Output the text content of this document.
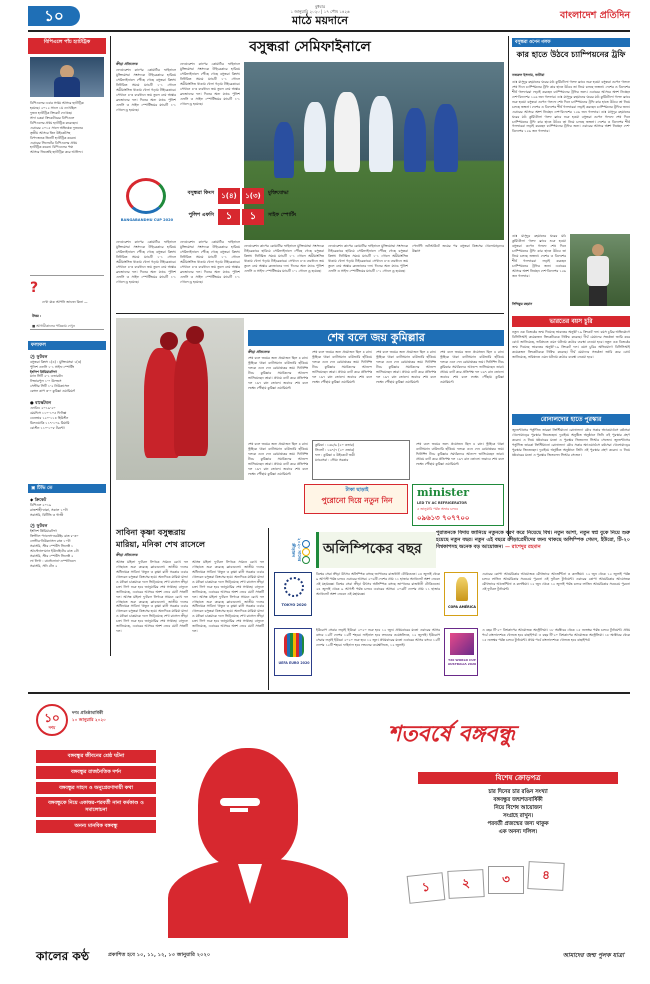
১০
বুধবার
১ জানুয়ারি ২০২০ | ১৭ পৌষ ১৪২৬
মাঠে ময়দানে	বাংলাদেশ প্রতিদিন
বিপিএলে পাঁচ হ্যাটট্রিক
বিপিএলের এবার সপ্তম আসরে হ্যাটট্রিক
হয়েছে। ২০১২ সালে ১ম দেখেছিল
দুজন হ্যাটট্রিক ক্রিকেট দেখেছে।
সাদা চকরা ক্রিকেটারের বিপিএলে
বিপিএলের প্রথম হ্যাটট্রিক করেছেন।
এবারের ২০১৫ সালে অভিষেক দুজনের
তৃতীয় আসরে তিন উইকেটসহ
বিপদজনক তিনটি হ্যাটট্রিক করেন।
এবারের সিলেটের বিপিএলের প্রথম
হ্যাটট্রিক করেন। বিপিএলের পঞ্চ
আসরে জিতেছি হ্যাটট্রিক করে আফিফ।
?
দেখা যাক আপনি জানেন কিনা —
উত্তর :
■ আগামীকালের পত্রিকায় দেখুন
ফলাফল
⚽ ফুটবল
বসুন্ধরা কিংস ১(৪) : মুক্তিযোদ্ধা ১(৩)
পুলিশ এফসি ১-১ সাইফ স্পোর্টিং
ইংলিশ প্রিমিয়ারলিগ
ম্যান সিটি ২-১ এভারটন
লিভারপুল ১-০ উলভস
সেস্টার সিটি ১-২ নিউক্যাসল
বেঙ্গল কাপ ৩-০ কুমিল্লা ওয়ারিয়র্স
● বাস্কেটবল
এনবিএ ২০১৯-২০
মেমফিস ১১০-১০৫ ফিনিক্স
ডেনভার ১২০-১১৪ হিউস্টন
মিলওয়াকি ১১৭-১০৯ মিয়ামি
বোস্টন ১১০-১০৮ টরন্টো
▣ টিভি তে
◆ ক্রিকেট
বিপিএল ২০১৯
রাজশাহী-ঢাকা, সকাল ১০টা
সরাসরি, বিটিভি ও গাজী
⚽ ফুটবল
ইংলিশ প্রিমিয়ারলিগ
ক্রিস্টাল প্যালেস-নরউইচ রাত ৮-৩০
লেস্টার-নিউক্যাসল রাত ১০টা
সরাসরি, স্টার স্পোর্টস সিলেক্ট ১
আর্সেনাল-ম্যান ইউনাইটেড রাত ২টা
সরাসরি, স্টার স্পোর্টস সিলেক্ট ২
লা লিগা : বার্সেলোনা-এস্পানিওল
সরাসরি, সনি টেন ২
বসুন্ধরা সেমিফাইনালে
ক্রীড়া প্রতিবেদক
ফেডারেশন কাপের কোয়ার্টার ফাইনালে মুক্তিযোদ্ধা সংসদকে টাইব্রেকারে হারিয়ে সেমিফাইনালে পৌঁছে গেছে বসুন্ধরা কিংস। নির্ধারিত সময়ে ম্যাচটি ১-১ গোলে অমীমাংসিত থাকায় খেলা গড়ায় টাইব্রেকারে। সেখানে ৪-৩ ব্যবধানে জয় তুলে নেয় অস্কার ব্রুজোনের দল। দিনের অন্য ম্যাচে পুলিশ এফসি ও সাইফ স্পোর্টিংয়ের ম্যাচটি ১-১ গোলে ড্র হয়েছে।
ফেডারেশন কাপের কোয়ার্টার ফাইনালে মুক্তিযোদ্ধা সংসদকে টাইব্রেকারে হারিয়ে সেমিফাইনালে পৌঁছে গেছে বসুন্ধরা কিংস। নির্ধারিত সময়ে ম্যাচটি ১-১ গোলে অমীমাংসিত থাকায় খেলা গড়ায় টাইব্রেকারে। সেখানে ৪-৩ ব্যবধানে জয় তুলে নেয় অস্কার ব্রুজোনের দল। দিনের অন্য ম্যাচে পুলিশ এফসি ও সাইফ স্পোর্টিংয়ের ম্যাচটি ১-১ গোলে ড্র হয়েছে।
BANGABANDHU CUP 2020
বসুন্ধরা কিংস	১(৪)	১(৩)	মুক্তিযোদ্ধা
পুলিশ এফসি	১	১	সাইফ স্পোর্টিং
ফেডারেশন কাপের কোয়ার্টার ফাইনালে মুক্তিযোদ্ধা সংসদকে টাইব্রেকারে হারিয়ে সেমিফাইনালে পৌঁছে গেছে বসুন্ধরা কিংস। নির্ধারিত সময়ে ম্যাচটি ১-১ গোলে অমীমাংসিত থাকায় খেলা গড়ায় টাইব্রেকারে। সেখানে ৪-৩ ব্যবধানে জয় তুলে নেয় অস্কার ব্রুজোনের দল। দিনের অন্য ম্যাচে পুলিশ এফসি ও সাইফ স্পোর্টিংয়ের ম্যাচটি ১-১ গোলে ড্র হয়েছে।
ফেডারেশন কাপের কোয়ার্টার ফাইনালে মুক্তিযোদ্ধা সংসদকে টাইব্রেকারে হারিয়ে সেমিফাইনালে পৌঁছে গেছে বসুন্ধরা কিংস। নির্ধারিত সময়ে ম্যাচটি ১-১ গোলে অমীমাংসিত থাকায় খেলা গড়ায় টাইব্রেকারে। সেখানে ৪-৩ ব্যবধানে জয় তুলে নেয় অস্কার ব্রুজোনের দল। দিনের অন্য ম্যাচে পুলিশ এফসি ও সাইফ স্পোর্টিংয়ের ম্যাচটি ১-১ গোলে ড্র হয়েছে।
ফেডারেশন কাপের কোয়ার্টার ফাইনালে মুক্তিযোদ্ধা সংসদকে টাইব্রেকারে হারিয়ে সেমিফাইনালে পৌঁছে গেছে বসুন্ধরা কিংস। নির্ধারিত সময়ে ম্যাচটি ১-১ গোলে অমীমাংসিত থাকায় খেলা গড়ায় টাইব্রেকারে। সেখানে ৪-৩ ব্যবধানে জয় তুলে নেয় অস্কার ব্রুজোনের দল। দিনের অন্য ম্যাচে পুলিশ এফসি ও সাইফ স্পোর্টিংয়ের ম্যাচটি ১-১ গোলে ড্র হয়েছে।
ফেডারেশন কাপের কোয়ার্টার ফাইনালে মুক্তিযোদ্ধা সংসদকে টাইব্রেকারে হারিয়ে সেমিফাইনালে পৌঁছে গেছে বসুন্ধরা কিংস। নির্ধারিত সময়ে ম্যাচটি ১-১ গোলে অমীমাংসিত থাকায় খেলা গড়ায় টাইব্রেকারে। সেখানে ৪-৩ ব্যবধানে জয় তুলে নেয় অস্কার ব্রুজোনের দল। দিনের অন্য ম্যাচে পুলিশ এফসি ও সাইফ স্পোর্টিংয়ের ম্যাচটি ১-১ গোলে ড্র হয়েছে।
পেনাল্টি শুটআউটে জয়ের পর বসুন্ধরা কিংসের খেলোয়াড়দের উল্লাস
বসুন্ধরা ওপেন গলফ
কার হাতে উঠবে চ্যাম্পিয়নের ট্রফি
নজরুল ইসলাম, ভাটারা
ডাঃ মাসুদুর রহমানের ঘরের মাঠ কুর্মিটোলা গলফ ক্লাবে শুরু হওয়া বসুন্ধরা ওপেন গলফে শেষ দিনে চ্যাম্পিয়নের ট্রফি কার হাতে উঠবে তা নিয়ে চলছে জল্পনা। দেশের ও বিদেশের শীর্ষ গলফাররা লড়াই করছেন চ্যাম্পিয়নের ট্রফির জন্য। এবারের আসরে অংশ নিচ্ছেন দেশ-বিদেশের ১২৬ জন গলফার। ডাঃ মাসুদুর রহমানের ঘরের মাঠ কুর্মিটোলা গলফ ক্লাবে শুরু হওয়া বসুন্ধরা ওপেন গলফে শেষ দিনে চ্যাম্পিয়নের ট্রফি কার হাতে উঠবে তা নিয়ে চলছে জল্পনা। দেশের ও বিদেশের শীর্ষ গলফাররা লড়াই করছেন চ্যাম্পিয়নের ট্রফির জন্য। এবারের আসরে অংশ নিচ্ছেন দেশ-বিদেশের ১২৬ জন গলফার। ডাঃ মাসুদুর রহমানের ঘরের মাঠ কুর্মিটোলা গলফ ক্লাবে শুরু হওয়া বসুন্ধরা ওপেন গলফে শেষ দিনে চ্যাম্পিয়নের ট্রফি কার হাতে উঠবে তা নিয়ে চলছে জল্পনা। দেশের ও বিদেশের শীর্ষ গলফাররা লড়াই করছেন চ্যাম্পিয়নের ট্রফির জন্য। এবারের আসরে অংশ নিচ্ছেন দেশ-বিদেশের ১২৬ জন গলফার।
ডাঃ মাসুদুর রহমানের ঘরের মাঠ কুর্মিটোলা গলফ ক্লাবে শুরু হওয়া বসুন্ধরা ওপেন গলফে শেষ দিনে চ্যাম্পিয়নের ট্রফি কার হাতে উঠবে তা নিয়ে চলছে জল্পনা। দেশের ও বিদেশের শীর্ষ গলফাররা লড়াই করছেন চ্যাম্পিয়নের ট্রফির জন্য। এবারের আসরে অংশ নিচ্ছেন দেশ-বিদেশের ১২৬ জন গলফার।
সিদ্দিকুর রহমান
শেষ বলে জয় কুমিল্লার
ক্রীড়া প্রতিবেদক
শেষ বলে জয়ের জন্য প্রয়োজন ছিল ৪ রান। স্ট্রাইকে থাকা ব্যাটসম্যান বাউন্ডারি হাঁকিয়ে দলকে এনে দেন রোমাঞ্চকর জয়। ফিনিশিং টাচে কুমিল্লার সমর্থকদের আনন্দে ভাসিয়েছেন তারা। প্রথমে ব্যাট করে প্রতিপক্ষ দল ১৬৭ রান তোলে। জবাবে শেষ বলে লক্ষ্যে পৌঁছায় কুমিল্লা ওয়ারিয়র্স।
শেষ বলে জয়ের জন্য প্রয়োজন ছিল ৪ রান। স্ট্রাইকে থাকা ব্যাটসম্যান বাউন্ডারি হাঁকিয়ে দলকে এনে দেন রোমাঞ্চকর জয়। ফিনিশিং টাচে কুমিল্লার সমর্থকদের আনন্দে ভাসিয়েছেন তারা। প্রথমে ব্যাট করে প্রতিপক্ষ দল ১৬৭ রান তোলে। জবাবে শেষ বলে লক্ষ্যে পৌঁছায় কুমিল্লা ওয়ারিয়র্স।
শেষ বলে জয়ের জন্য প্রয়োজন ছিল ৪ রান। স্ট্রাইকে থাকা ব্যাটসম্যান বাউন্ডারি হাঁকিয়ে দলকে এনে দেন রোমাঞ্চকর জয়। ফিনিশিং টাচে কুমিল্লার সমর্থকদের আনন্দে ভাসিয়েছেন তারা। প্রথমে ব্যাট করে প্রতিপক্ষ দল ১৬৭ রান তোলে। জবাবে শেষ বলে লক্ষ্যে পৌঁছায় কুমিল্লা ওয়ারিয়র্স।
শেষ বলে জয়ের জন্য প্রয়োজন ছিল ৪ রান। স্ট্রাইকে থাকা ব্যাটসম্যান বাউন্ডারি হাঁকিয়ে দলকে এনে দেন রোমাঞ্চকর জয়। ফিনিশিং টাচে কুমিল্লার সমর্থকদের আনন্দে ভাসিয়েছেন তারা। প্রথমে ব্যাট করে প্রতিপক্ষ দল ১৬৭ রান তোলে। জবাবে শেষ বলে লক্ষ্যে পৌঁছায় কুমিল্লা ওয়ারিয়র্স।
কুমিল্লা : ১৬৮/৬ (২০ ওভার)
সিলেট : ১৬৭/৭ (২০ ওভার)
ফল : কুমিল্লা ৪ উইকেটে জয়ী
ম্যাচসেরা : সৌম্য সরকার
শেষ বলে জয়ের জন্য প্রয়োজন ছিল ৪ রান। স্ট্রাইকে থাকা ব্যাটসম্যান বাউন্ডারি হাঁকিয়ে দলকে এনে দেন রোমাঞ্চকর জয়। ফিনিশিং টাচে কুমিল্লার সমর্থকদের আনন্দে ভাসিয়েছেন তারা। প্রথমে ব্যাট করে প্রতিপক্ষ দল ১৬৭ রান তোলে। জবাবে শেষ বলে লক্ষ্যে পৌঁছায় কুমিল্লা ওয়ারিয়র্স।
শেষ বলে জয়ের জন্য প্রয়োজন ছিল ৪ রান। স্ট্রাইকে থাকা ব্যাটসম্যান বাউন্ডারি হাঁকিয়ে দলকে এনে দেন রোমাঞ্চকর জয়। ফিনিশিং টাচে কুমিল্লার সমর্থকদের আনন্দে ভাসিয়েছেন তারা। প্রথমে ব্যাট করে প্রতিপক্ষ দল ১৬৭ রান তোলে। জবাবে শেষ বলে লক্ষ্যে পৌঁছায় কুমিল্লা ওয়ারিয়র্স।
টাকা ছাড়াই
পুরোনো দিয়ে নতুন নিন
minister
LED TV AC REFRIGERATOR
৫ জানুয়ারি পর্যন্ত অফার চলবে
০৯৬১৩ ৭০৭৭০০
ভারতের বয়স চুরি
নতুন এক বিতর্কের জন্ম দিয়েছে ভারতের অনূর্ধ্ব-১৯ ক্রিকেট দল। বয়স চুরির অভিযোগে বিসিসিআই কয়েকজন ক্রিকেটারকে নিষিদ্ধ করেছে। দীর্ঘ মেয়াদের সতর্কতা জারি করে বোর্ড জানিয়েছে, ভবিষ্যতে এমন ঘটনায় কঠোর ব্যবস্থা নেওয়া হবে। নতুন এক বিতর্কের জন্ম দিয়েছে ভারতের অনূর্ধ্ব-১৯ ক্রিকেট দল। বয়স চুরির অভিযোগে বিসিসিআই কয়েকজন ক্রিকেটারকে নিষিদ্ধ করেছে। দীর্ঘ মেয়াদের সতর্কতা জারি করে বোর্ড জানিয়েছে, ভবিষ্যতে এমন ঘটনায় কঠোর ব্যবস্থা নেওয়া হবে।
রোনালদোর হাতে পুরস্কার
জুভেন্টাসের পর্তুগিজ তারকা ক্রিস্টিয়ানো রোনালদো গ্লোব সকার অ্যাওয়ার্ডসে বর্ষসেরা খেলোয়াড়ের পুরস্কার জিতেছেন। দুবাইয়ে অনুষ্ঠিত অনুষ্ঠানে তিনি এই পুরস্কার গ্রহণ করেন। এ নিয়ে ষষ্ঠবারের মতো এ পুরস্কার জিতলেন সিআর সেভেন। জুভেন্টাসের পর্তুগিজ তারকা ক্রিস্টিয়ানো রোনালদো গ্লোব সকার অ্যাওয়ার্ডসে বর্ষসেরা খেলোয়াড়ের পুরস্কার জিতেছেন। দুবাইয়ে অনুষ্ঠিত অনুষ্ঠানে তিনি এই পুরস্কার গ্রহণ করেন। এ নিয়ে ষষ্ঠবারের মতো এ পুরস্কার জিতলেন সিআর সেভেন।
সাবিনা কৃষ্ণা বসুন্ধরায়
মারিয়া, মনিকা শেখ রাসেলে
ক্রীড়া প্রতিবেদক
আসন্ন মহিলা ফুটবল লিগকে সামনে রেখে দল গোছাতে শুরু করেছে ক্লাবগুলো। জাতীয় দলের অধিনায়ক সাবিনা খাতুন ও কৃষ্ণা রানী সরকার এবার খেলবেন বসুন্ধরা কিংসের হয়ে। অন্যদিকে মারিয়া মান্ডা ও মনিকা চাকমাকে দলে ভিড়িয়েছে শেখ রাসেল ক্রীড়া চক্র। লিগ শুরু হবে জানুয়ারির শেষ সপ্তাহে। বাফুফে জানিয়েছে, এবারের আসরে অংশ নেবে মোট সাতটি দল। আসন্ন মহিলা ফুটবল লিগকে সামনে রেখে দল গোছাতে শুরু করেছে ক্লাবগুলো। জাতীয় দলের অধিনায়ক সাবিনা খাতুন ও কৃষ্ণা রানী সরকার এবার খেলবেন বসুন্ধরা কিংসের হয়ে। অন্যদিকে মারিয়া মান্ডা ও মনিকা চাকমাকে দলে ভিড়িয়েছে শেখ রাসেল ক্রীড়া চক্র। লিগ শুরু হবে জানুয়ারির শেষ সপ্তাহে। বাফুফে জানিয়েছে, এবারের আসরে অংশ নেবে মোট সাতটি দল।
আসন্ন মহিলা ফুটবল লিগকে সামনে রেখে দল গোছাতে শুরু করেছে ক্লাবগুলো। জাতীয় দলের অধিনায়ক সাবিনা খাতুন ও কৃষ্ণা রানী সরকার এবার খেলবেন বসুন্ধরা কিংসের হয়ে। অন্যদিকে মারিয়া মান্ডা ও মনিকা চাকমাকে দলে ভিড়িয়েছে শেখ রাসেল ক্রীড়া চক্র। লিগ শুরু হবে জানুয়ারির শেষ সপ্তাহে। বাফুফে জানিয়েছে, এবারের আসরে অংশ নেবে মোট সাতটি দল। আসন্ন মহিলা ফুটবল লিগকে সামনে রেখে দল গোছাতে শুরু করেছে ক্লাবগুলো। জাতীয় দলের অধিনায়ক সাবিনা খাতুন ও কৃষ্ণা রানী সরকার এবার খেলবেন বসুন্ধরা কিংসের হয়ে। অন্যদিকে মারিয়া মান্ডা ও মনিকা চাকমাকে দলে ভিড়িয়েছে শেখ রাসেল ক্রীড়া চক্র। লিগ শুরু হবে জানুয়ারির শেষ সপ্তাহে। বাফুফে জানিয়েছে, এবারের আসরে অংশ নেবে মোট সাতটি দল।
২০২০ সালের ক্রীড়াঙ্গন	অলিম্পিকের বছর
পুরাতনকে বিদায় জানিয়ে নতুনকে বরণ করে নিয়েছে বিশ্ব। নতুন আশা, নতুন স্বপ্ন বুকে নিয়ে শুরু হয়েছে নতুন বছর। নতুন এই বছরে ক্রীড়াপ্রেমীদের জন্য থাকছে অলিম্পিক গেমস, ইউরো, টি-২০ বিশ্বকাপসহ অনেক বড় আয়োজন। — রাশেদুর রহমান
TOKYO 2020
বিশ্বের সেরা ক্রীড়া উৎসব অলিম্পিক বসছে জাপানের রাজধানী টোকিওতে। ২৪ জুলাই থেকে ৯ আগস্ট পর্যন্ত চলবে এবারের আসর। ২০৬টি দেশের প্রায় ১১ হাজার অ্যাথলেট অংশ নেবেন এই মহাযজ্ঞে। বিশ্বের সেরা ক্রীড়া উৎসব অলিম্পিক বসছে জাপানের রাজধানী টোকিওতে। ২৪ জুলাই থেকে ৯ আগস্ট পর্যন্ত চলবে এবারের আসর। ২০৬টি দেশের প্রায় ১১ হাজার অ্যাথলেট অংশ নেবেন এই মহাযজ্ঞে।
COPA AMÉRICA
এবারের কোপা আমেরিকার আয়োজক যৌথভাবে আর্জেন্টিনা ও কলম্বিয়া। ১২ জুন থেকে ১২ জুলাই পর্যন্ত চলবে লাতিন আমেরিকার সবচেয়ে পুরনো এই ফুটবল টুর্নামেন্ট। এবারের কোপা আমেরিকার আয়োজক যৌথভাবে আর্জেন্টিনা ও কলম্বিয়া। ১২ জুন থেকে ১২ জুলাই পর্যন্ত চলবে লাতিন আমেরিকার সবচেয়ে পুরনো এই ফুটবল টুর্নামেন্ট।
UEFA EURO 2020
ইউরোপ সেরার লড়াই ইউরো ২০২০ শুরু হবে ১২ জুন। প্রথমবারের মতো এবারের আসর বসবে ১২টি দেশের ১২টি শহরে। ফাইনাল হবে লন্ডনের ওয়েম্বলিতে, ১২ জুলাই। ইউরোপ সেরার লড়াই ইউরো ২০২০ শুরু হবে ১২ জুন। প্রথমবারের মতো এবারের আসর বসবে ১২টি দেশের ১২টি শহরে। ফাইনাল হবে লন্ডনের ওয়েম্বলিতে, ১২ জুলাই।
T20 WORLD CUP AUSTRALIA 2020
এ বছর টি-২০ বিশ্বকাপের আয়োজক অস্ট্রেলিয়া। ১৮ অক্টোবর থেকে ১৫ নভেম্বর পর্যন্ত চলবে টুর্নামেন্ট। প্রথম পর্বে বাংলাদেশকে খেলতে হবে বাছাইপর্ব। এ বছর টি-২০ বিশ্বকাপের আয়োজক অস্ট্রেলিয়া। ১৮ অক্টোবর থেকে ১৫ নভেম্বর পর্যন্ত চলবে টুর্নামেন্ট। প্রথম পর্বে বাংলাদেশকে খেলতে হবে বাছাইপর্ব।
১০
দশম
দশম প্রতিষ্ঠাবার্ষিকী
১০ জানুয়ারি ২০২০
বঙ্গবন্ধুর জীবনের শ্রেষ্ঠ ঘটনা
বঙ্গবন্ধুর রাজনৈতিক দর্শন
বঙ্গবন্ধুর সাহস ও অনুপ্রেরণাদায়ী কথা
বঙ্গবন্ধুকে নিয়ে একাত্তর-পরবর্তী নানা কর্মকাণ্ড ও সমালোচনা
অনন্য মানবিক বঙ্গবন্ধু
কালের কণ্ঠ	প্রকাশিত হবে ১০, ১১, ১২, ১৩ জানুয়ারি ২০২০
শতবর্ষে বঙ্গবন্ধু
বিশেষ ক্রোড়পত্র
চার দিনের চার রঙিন সংখ্যা
বঙ্গবন্ধুর জন্মশতবার্ষিকী
নিয়ে বিশেষ আয়োজন
সংগ্রহে রাখুন।
পরবর্তী প্রজন্মের জন্য থাকুক
এক অনন্য দলিল।
১	২	৩	৪
আমাদের জন্ম পুলক যাত্রা
